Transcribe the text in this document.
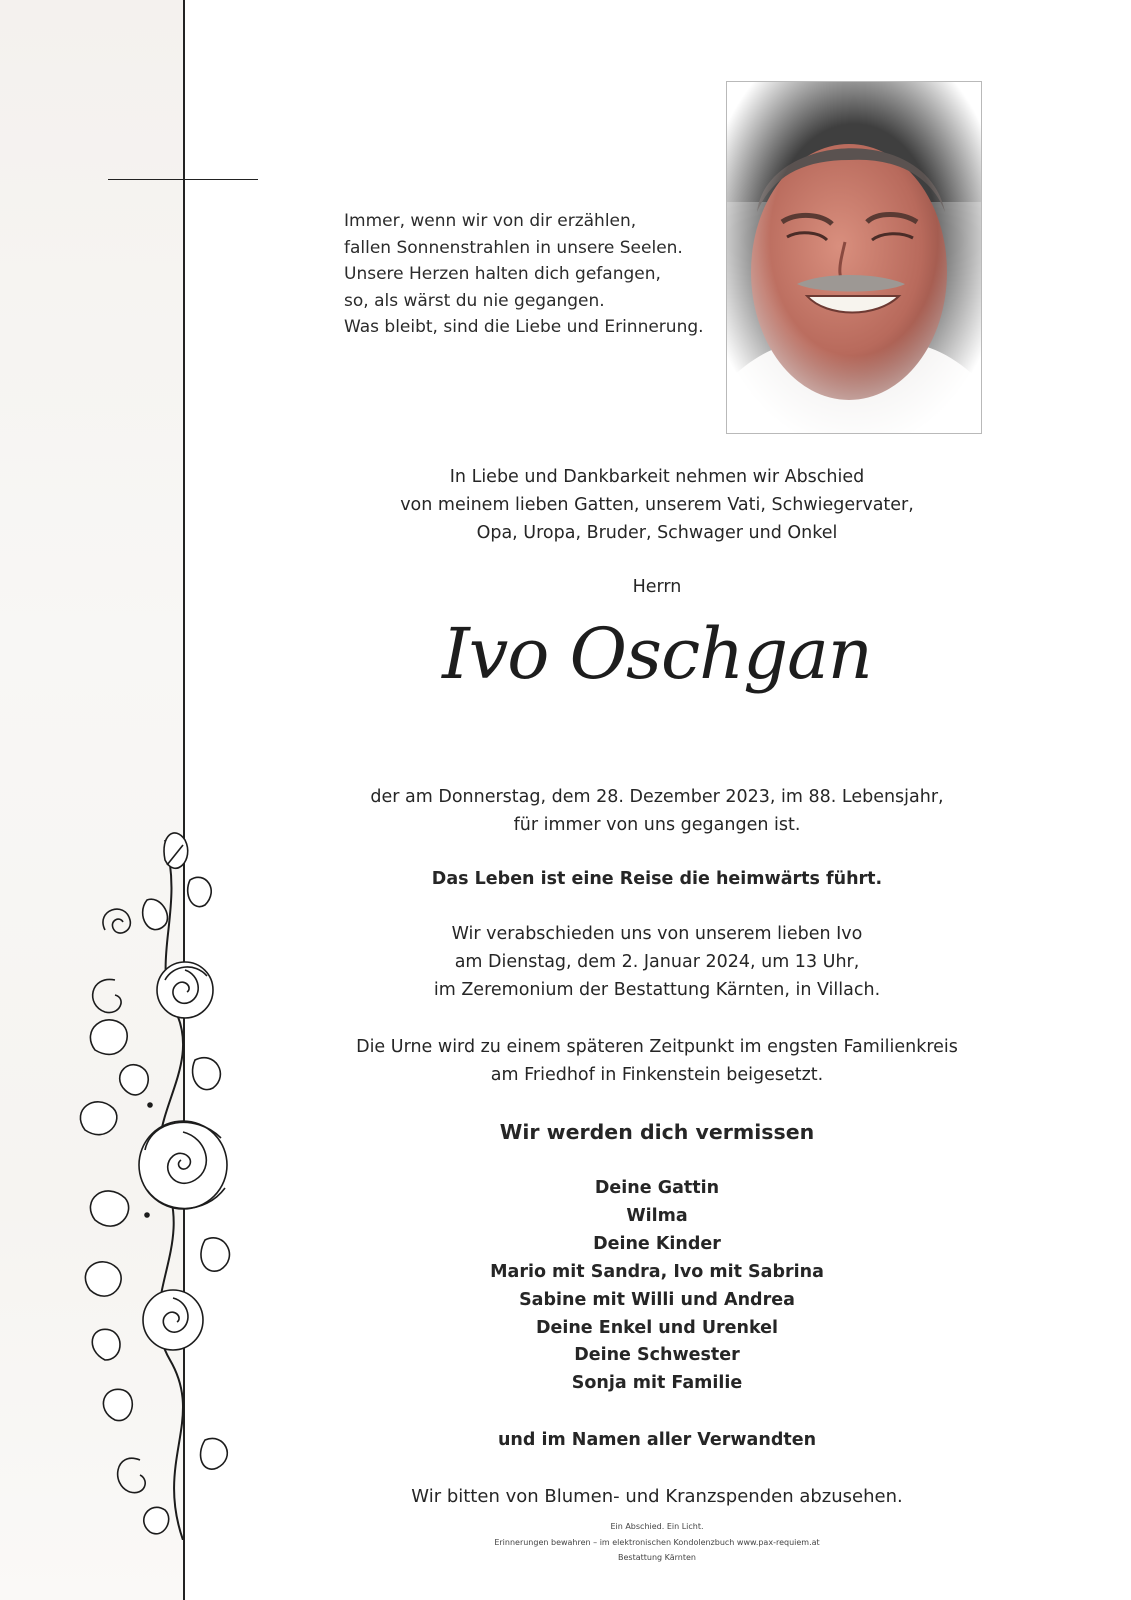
Immer, wenn wir von dir erzählen,
fallen Sonnenstrahlen in unsere Seelen.
Unsere Herzen halten dich gefangen,
so, als wärst du nie gegangen.
Was bleibt, sind die Liebe und Erinnerung.
In Liebe und Dankbarkeit nehmen wir Abschied
von meinem lieben Gatten, unserem Vati, Schwiegervater,
Opa, Uropa, Bruder, Schwager und Onkel
Herrn
Ivo Oschgan
der am Donnerstag, dem 28. Dezember 2023, im 88. Lebensjahr,
für immer von uns gegangen ist.
Das Leben ist eine Reise die heimwärts führt.
Wir verabschieden uns von unserem lieben Ivo
am Dienstag, dem 2. Januar 2024, um 13 Uhr,
im Zeremonium der Bestattung Kärnten, in Villach.
Die Urne wird zu einem späteren Zeitpunkt im engsten Familienkreis
am Friedhof in Finkenstein beigesetzt.
Wir werden dich vermissen
Deine Gattin
Wilma
Deine Kinder
Mario mit Sandra, Ivo mit Sabrina
Sabine mit Willi und Andrea
Deine Enkel und Urenkel
Deine Schwester
Sonja mit Familie
und im Namen aller Verwandten
Wir bitten von Blumen- und Kranzspenden abzusehen.
Ein Abschied. Ein Licht.
Erinnerungen bewahren – im elektronischen Kondolenzbuch www.pax-requiem.at
Bestattung Kärnten
